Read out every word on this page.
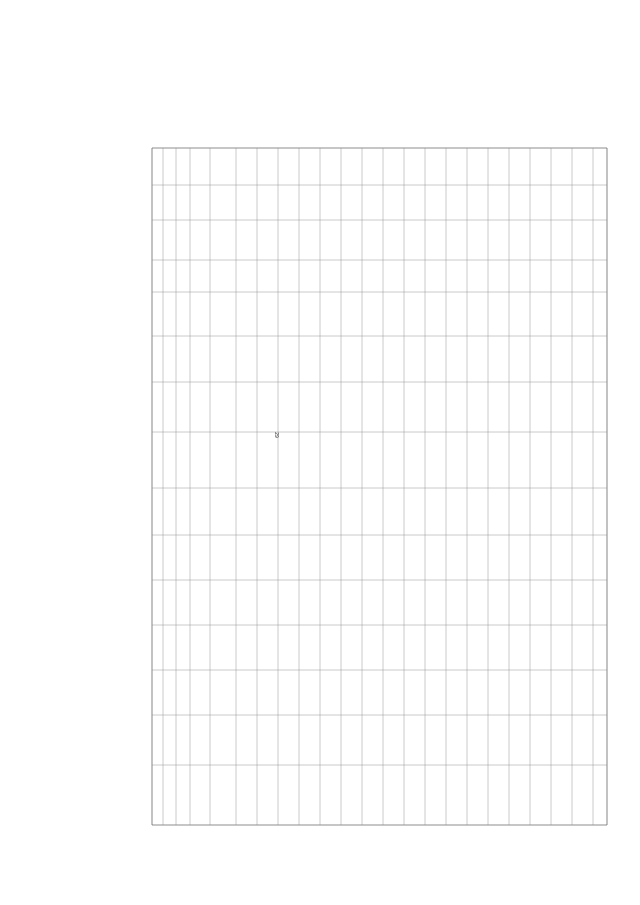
29
